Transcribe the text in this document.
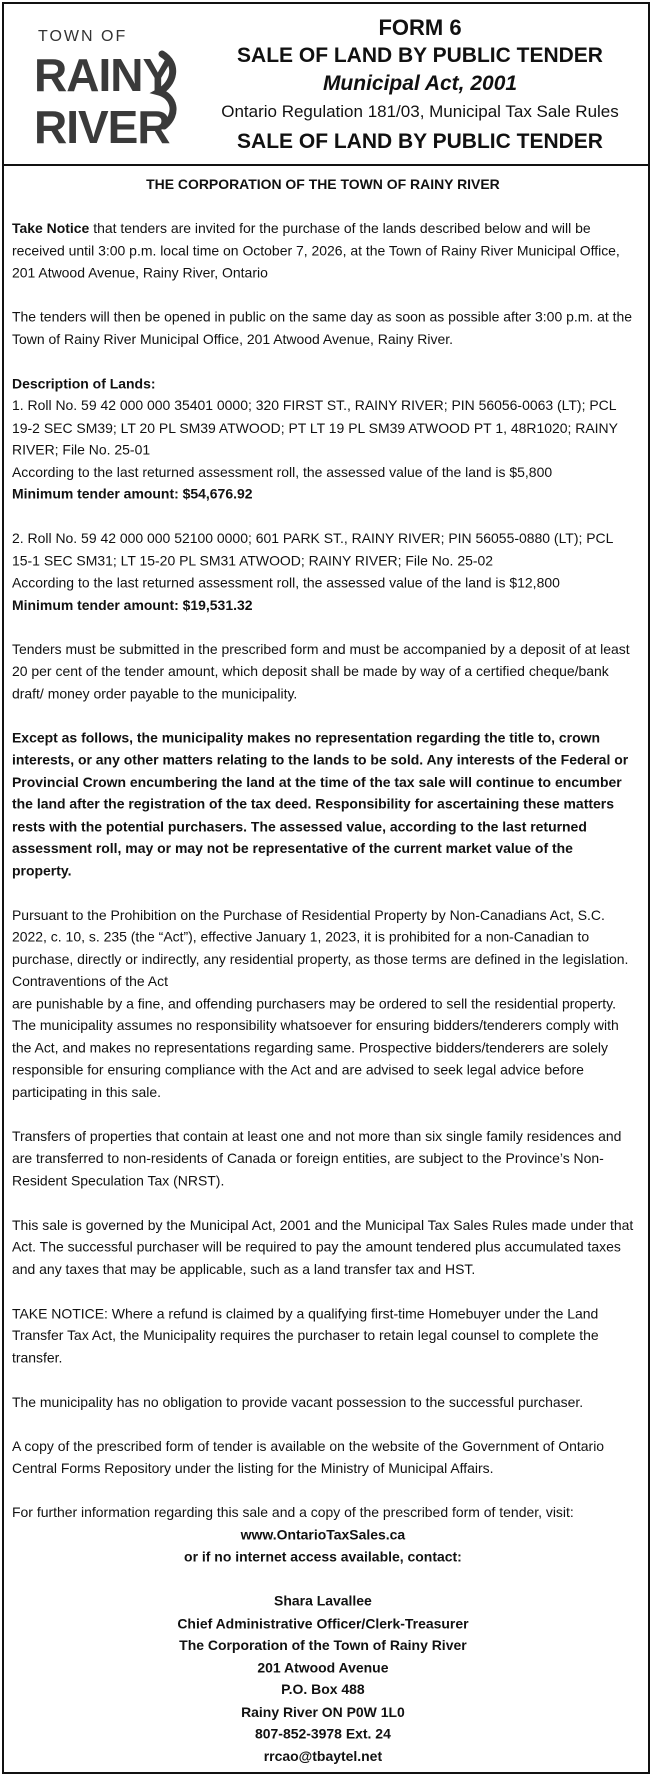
TOWN OF
RAINY
RIVER
FORM 6
SALE OF LAND BY PUBLIC TENDER
Municipal Act, 2001
Ontario Regulation 181/03, Municipal Tax Sale Rules
SALE OF LAND BY PUBLIC TENDER

THE CORPORATION OF THE TOWN OF RAINY RIVER

Take Notice that tenders are invited for the purchase of the lands described below and will be received until 3:00 p.m. local time on October 7, 2026, at the Town of Rainy River Municipal Office, 201 Atwood Avenue, Rainy River, Ontario

The tenders will then be opened in public on the same day as soon as possible after 3:00 p.m. at the Town of Rainy River Municipal Office, 201 Atwood Avenue, Rainy River.

Description of Lands:
1. Roll No. 59 42 000 000 35401 0000; 320 FIRST ST., RAINY RIVER; PIN 56056-0063 (LT); PCL 19-2 SEC SM39; LT 20 PL SM39 ATWOOD; PT LT 19 PL SM39 ATWOOD PT 1, 48R1020; RAINY RIVER; File No. 25-01
According to the last returned assessment roll, the assessed value of the land is $5,800

Minimum tender amount: $54,676.92

2. Roll No. 59 42 000 000 52100 0000; 601 PARK ST., RAINY RIVER; PIN 56055-0880 (LT); PCL 15-1 SEC SM31; LT 15-20 PL SM31 ATWOOD; RAINY RIVER; File No. 25-02
According to the last returned assessment roll, the assessed value of the land is $12,800

Minimum tender amount: $19,531.32

Tenders must be submitted in the prescribed form and must be accompanied by a deposit of at least 20 per cent of the tender amount, which deposit shall be made by way of a certified cheque/bank draft/ money order payable to the municipality.

Except as follows, the municipality makes no representation regarding the title to, crown interests, or any other matters relating to the lands to be sold. Any interests of the Federal or Provincial Crown encumbering the land at the time of the tax sale will continue to encumber the land after the registration of the tax deed. Responsibility for ascertaining these matters rests with the potential purchasers. The assessed value, according to the last returned assessment roll, may or may not be representative of the current market value of the property.

Pursuant to the Prohibition on the Purchase of Residential Property by Non-Canadians Act, S.C. 2022, c. 10, s. 235 (the “Act”), effective January 1, 2023, it is prohibited for a non-Canadian to purchase, directly or indirectly, any residential property, as those terms are defined in the legislation. Contraventions of the Act

are punishable by a fine, and offending purchasers may be ordered to sell the residential property. The municipality assumes no responsibility whatsoever for ensuring bidders/tenderers comply with the Act, and makes no representations regarding same. Prospective bidders/tenderers are solely responsible for ensuring compliance with the Act and are advised to seek legal advice before participating in this sale.

Transfers of properties that contain at least one and not more than six single family residences and are transferred to non-residents of Canada or foreign entities, are subject to the Province’s Non-Resident Speculation Tax (NRST).

This sale is governed by the Municipal Act, 2001 and the Municipal Tax Sales Rules made under that Act. The successful purchaser will be required to pay the amount tendered plus accumulated taxes and any taxes that may be applicable, such as a land transfer tax and HST.

TAKE NOTICE: Where a refund is claimed by a qualifying first-time Homebuyer under the Land Transfer Tax Act, the Municipality requires the purchaser to retain legal counsel to complete the transfer.

The municipality has no obligation to provide vacant possession to the successful purchaser.

A copy of the prescribed form of tender is available on the website of the Government of Ontario Central Forms Repository under the listing for the Ministry of Municipal Affairs.

For further information regarding this sale and a copy of the prescribed form of tender, visit:
www.OntarioTaxSales.ca

or if no internet access available, contact:

Shara Lavallee
Chief Administrative Officer/Clerk-Treasurer
The Corporation of the Town of Rainy River
201 Atwood Avenue
P.O. Box 488
Rainy River ON P0W 1L0
807-852-3978 Ext. 24
rrcao@tbaytel.net
